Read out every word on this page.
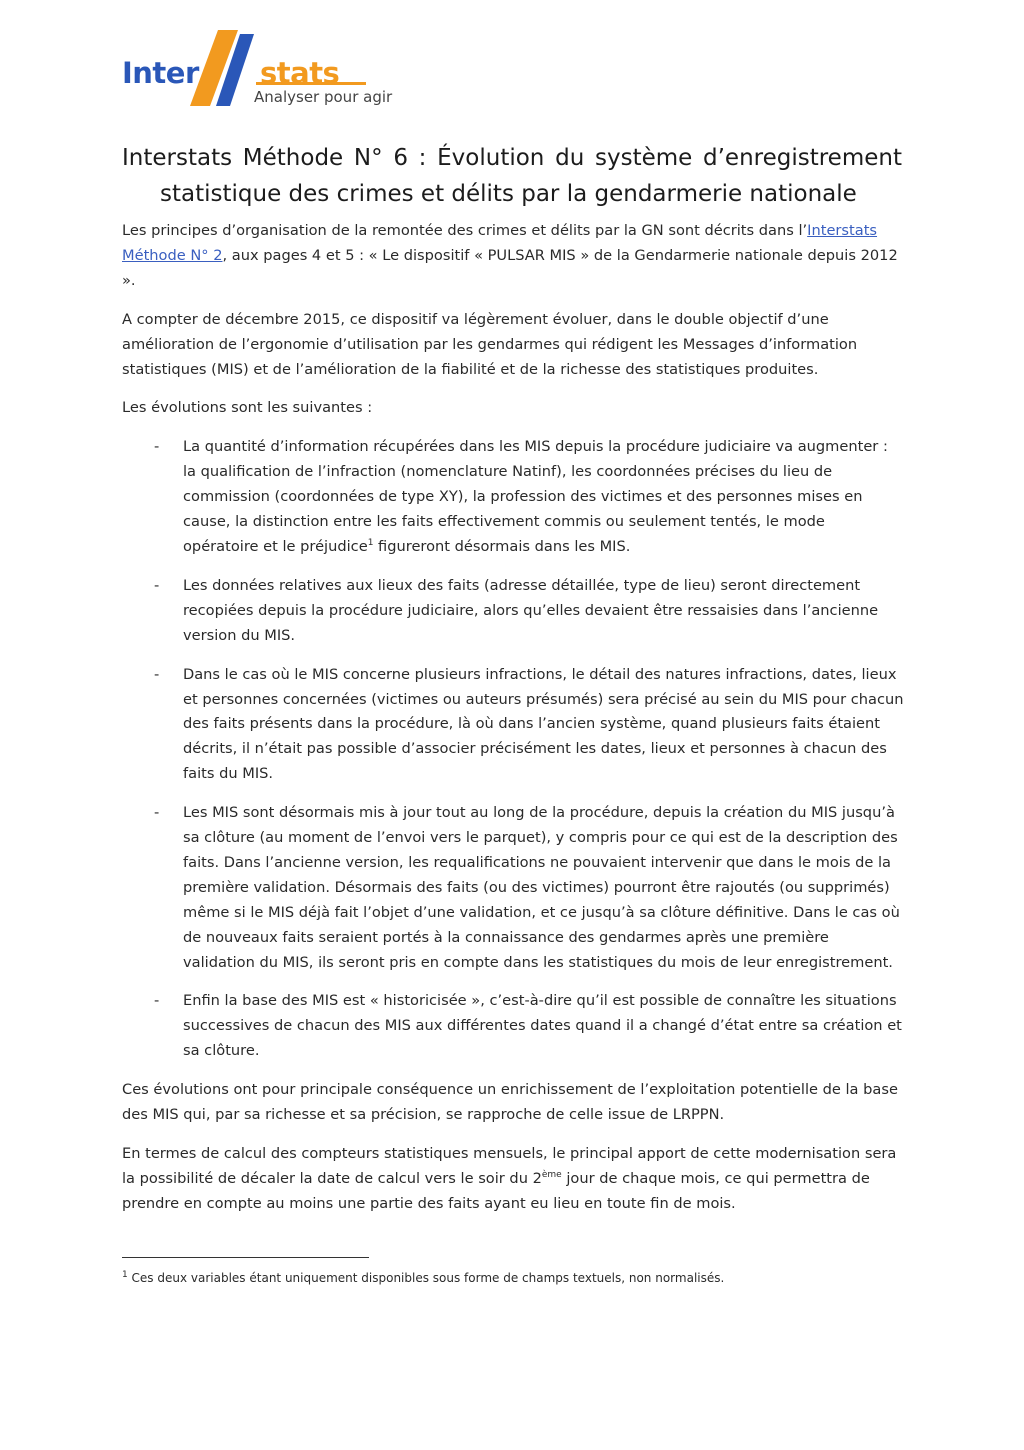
Inter stats
Analyser pour agir
Interstats Méthode N° 6 : Évolution du système d’enregistrement
statistique des crimes et délits par la gendarmerie nationale

Les principes d’organisation de la remontée des crimes et délits par la GN sont décrits dans l’Interstats Méthode N° 2, aux pages 4 et 5 : « Le dispositif « PULSAR MIS » de la Gendarmerie nationale depuis 2012 ».

A compter de décembre 2015, ce dispositif va légèrement évoluer, dans le double objectif d’une amélioration de l’ergonomie d’utilisation par les gendarmes qui rédigent les Messages d’information statistiques (MIS) et de l’amélioration de la fiabilité et de la richesse des statistiques produites.

Les évolutions sont les suivantes :

- La quantité d’information récupérées dans les MIS depuis la procédure judiciaire va augmenter : la qualification de l’infraction (nomenclature Natinf), les coordonnées précises du lieu de commission (coordonnées de type XY), la profession des victimes et des personnes mises en cause, la distinction entre les faits effectivement commis ou seulement tentés, le mode opératoire et le préjudice$^1$ figureront désormais dans les MIS.
- Les données relatives aux lieux des faits (adresse détaillée, type de lieu) seront directement recopiées depuis la procédure judiciaire, alors qu’elles devaient être ressaisies dans l’ancienne version du MIS.
- Dans le cas où le MIS concerne plusieurs infractions, le détail des natures infractions, dates, lieux et personnes concernées (victimes ou auteurs présumés) sera précisé au sein du MIS pour chacun des faits présents dans la procédure, là où dans l’ancien système, quand plusieurs faits étaient décrits, il n’était pas possible d’associer précisément les dates, lieux et personnes à chacun des faits du MIS.
- Les MIS sont désormais mis à jour tout au long de la procédure, depuis la création du MIS jusqu’à sa clôture (au moment de l’envoi vers le parquet), y compris pour ce qui est de la description des faits. Dans l’ancienne version, les requalifications ne pouvaient intervenir que dans le mois de la première validation. Désormais des faits (ou des victimes) pourront être rajoutés (ou supprimés) même si le MIS déjà fait l’objet d’une validation, et ce jusqu’à sa clôture définitive. Dans le cas où de nouveaux faits seraient portés à la connaissance des gendarmes après une première validation du MIS, ils seront pris en compte dans les statistiques du mois de leur enregistrement.
- Enfin la base des MIS est « historicisée », c’est-à-dire qu’il est possible de connaître les situations successives de chacun des MIS aux différentes dates quand il a changé d’état entre sa création et sa clôture.

Ces évolutions ont pour principale conséquence un enrichissement de l’exploitation potentielle de la base des MIS qui, par sa richesse et sa précision, se rapproche de celle issue de LRPPN.

En termes de calcul des compteurs statistiques mensuels, le principal apport de cette modernisation sera la possibilité de décaler la date de calcul vers le soir du 2ème jour de chaque mois, ce qui permettra de prendre en compte au moins une partie des faits ayant eu lieu en toute fin de mois.

$^1$ Ces deux variables étant uniquement disponibles sous forme de champs textuels, non normalisés.
